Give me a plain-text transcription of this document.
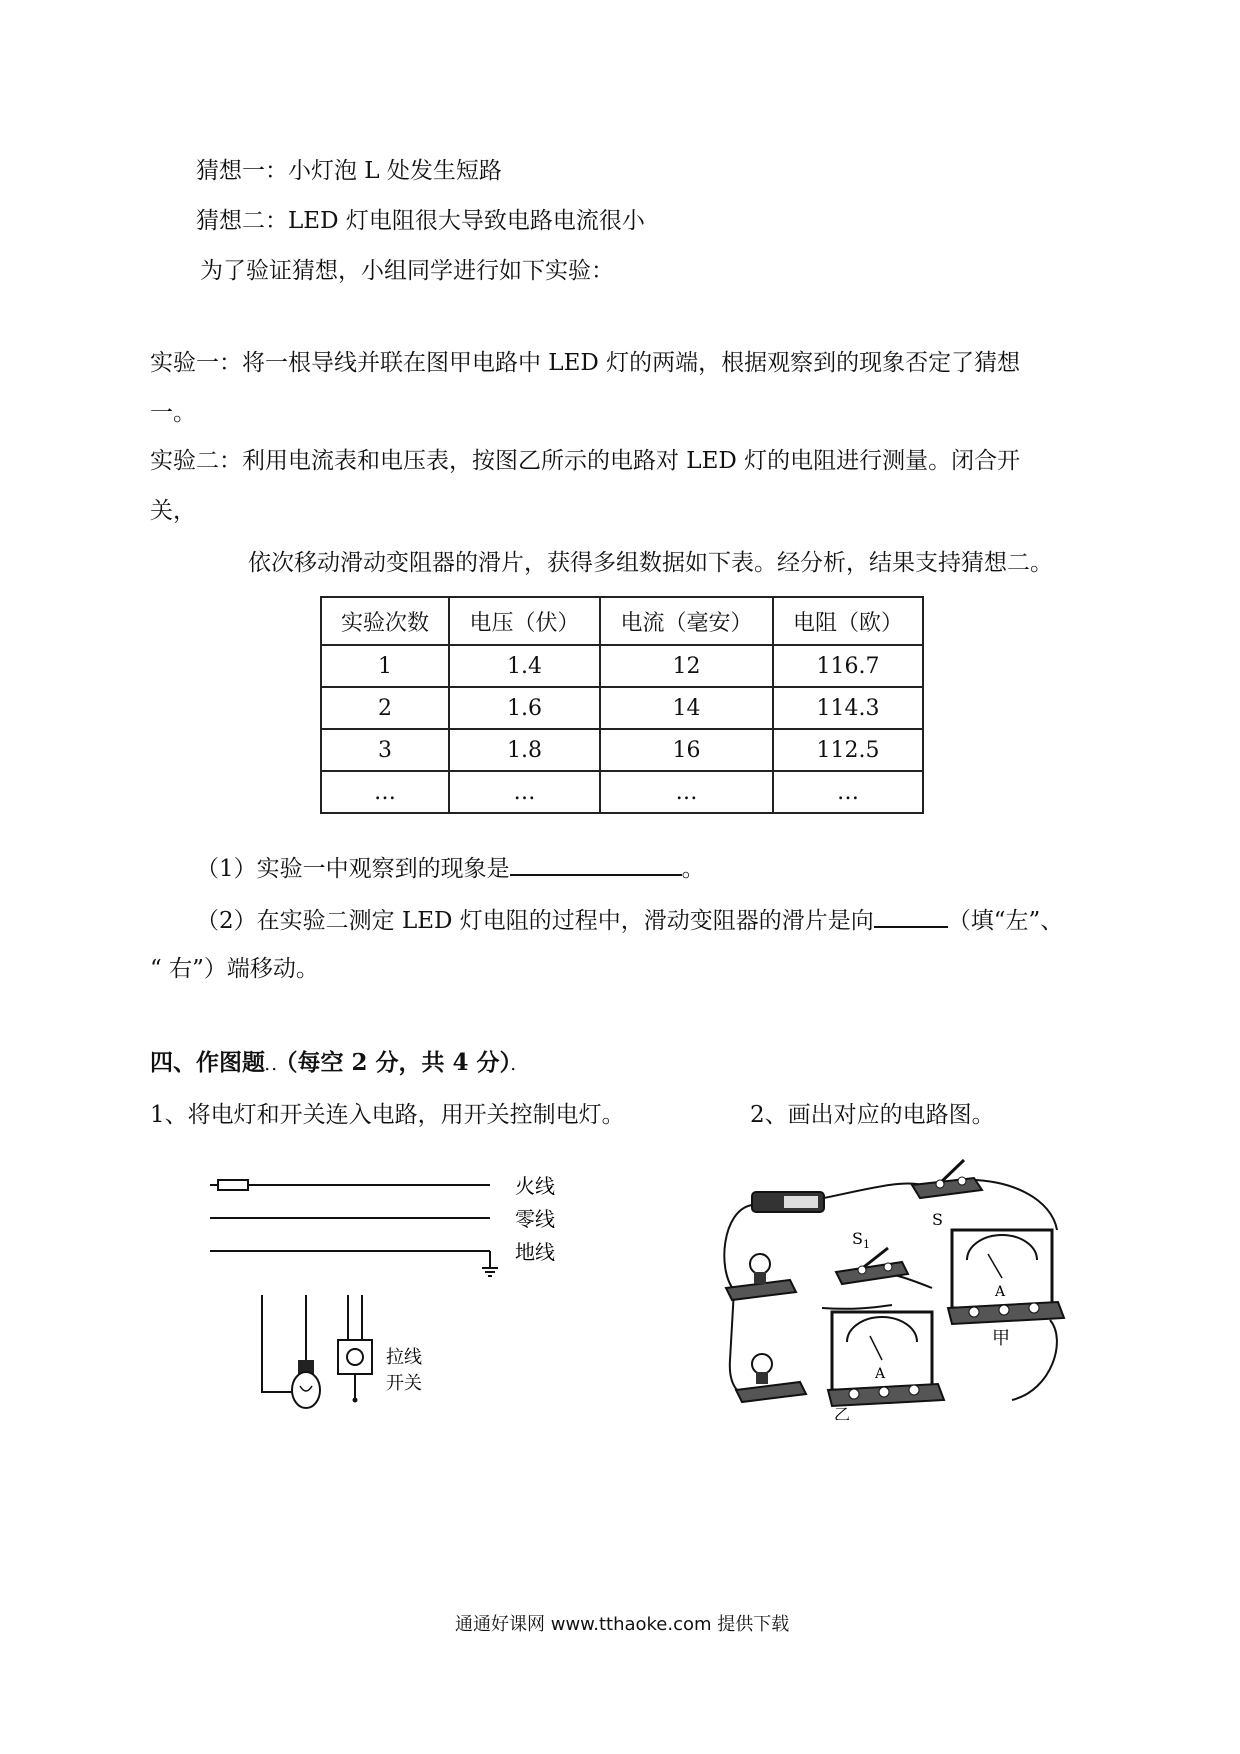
猜想一：小灯泡 L 处发生短路
猜想二：LED 灯电阻很大导致电路电流很小
为了验证猜想，小组同学进行如下实验：
实验一：将一根导线并联在图甲电路中 LED 灯的两端，根据观察到的现象否定了猜想
一。
实验二：利用电流表和电压表，按图乙所示的电路对 LED 灯的电阻进行测量。闭合开
关，
依次移动滑动变阻器的滑片，获得多组数据如下表。经分析，结果支持猜想二。
实验次数	电压（伏）	电流（毫安）	电阻（欧）
1	1.4	12	116.7
2	1.6	14	114.3
3	1.8	16	112.5
…	…	…	…
（1）实验一中观察到的现象是	。
（2）在实验二测定 LED 灯电阻的过程中，滑动变阻器的滑片是向	（填“左”、
“ 右”）端移动。
四、作图题．．（每空 2 分，共 4 分）．
1、将电灯和开关连入电路，用开关控制电灯。	2、画出对应的电路图。
火线
零线
地线
拉线
开关
S
$S_1$
A
甲
A
乙
通通好课网 www.tthaoke.com 提供下载
